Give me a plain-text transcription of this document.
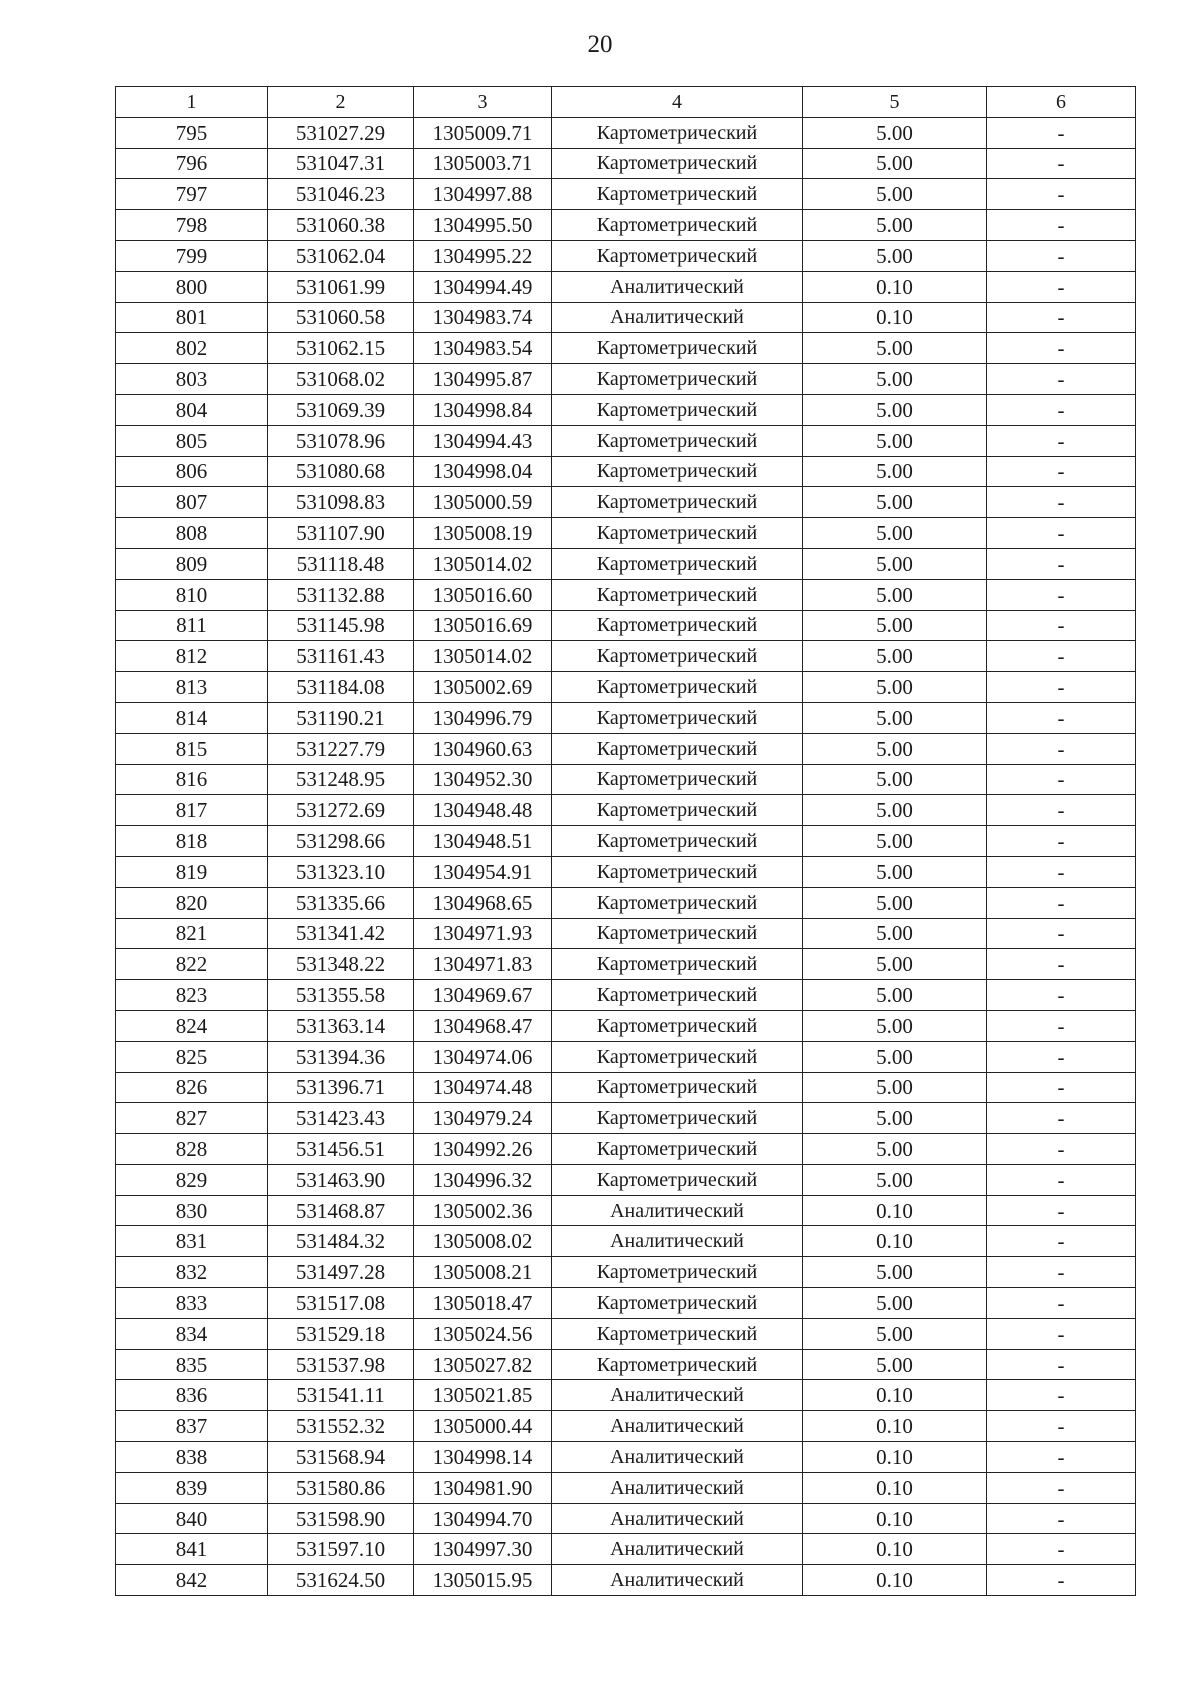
20
1	2	3	4	5	6
795	531027.29	1305009.71	Картометрический	5.00	-
796	531047.31	1305003.71	Картометрический	5.00	-
797	531046.23	1304997.88	Картометрический	5.00	-
798	531060.38	1304995.50	Картометрический	5.00	-
799	531062.04	1304995.22	Картометрический	5.00	-
800	531061.99	1304994.49	Аналитический	0.10	-
801	531060.58	1304983.74	Аналитический	0.10	-
802	531062.15	1304983.54	Картометрический	5.00	-
803	531068.02	1304995.87	Картометрический	5.00	-
804	531069.39	1304998.84	Картометрический	5.00	-
805	531078.96	1304994.43	Картометрический	5.00	-
806	531080.68	1304998.04	Картометрический	5.00	-
807	531098.83	1305000.59	Картометрический	5.00	-
808	531107.90	1305008.19	Картометрический	5.00	-
809	531118.48	1305014.02	Картометрический	5.00	-
810	531132.88	1305016.60	Картометрический	5.00	-
811	531145.98	1305016.69	Картометрический	5.00	-
812	531161.43	1305014.02	Картометрический	5.00	-
813	531184.08	1305002.69	Картометрический	5.00	-
814	531190.21	1304996.79	Картометрический	5.00	-
815	531227.79	1304960.63	Картометрический	5.00	-
816	531248.95	1304952.30	Картометрический	5.00	-
817	531272.69	1304948.48	Картометрический	5.00	-
818	531298.66	1304948.51	Картометрический	5.00	-
819	531323.10	1304954.91	Картометрический	5.00	-
820	531335.66	1304968.65	Картометрический	5.00	-
821	531341.42	1304971.93	Картометрический	5.00	-
822	531348.22	1304971.83	Картометрический	5.00	-
823	531355.58	1304969.67	Картометрический	5.00	-
824	531363.14	1304968.47	Картометрический	5.00	-
825	531394.36	1304974.06	Картометрический	5.00	-
826	531396.71	1304974.48	Картометрический	5.00	-
827	531423.43	1304979.24	Картометрический	5.00	-
828	531456.51	1304992.26	Картометрический	5.00	-
829	531463.90	1304996.32	Картометрический	5.00	-
830	531468.87	1305002.36	Аналитический	0.10	-
831	531484.32	1305008.02	Аналитический	0.10	-
832	531497.28	1305008.21	Картометрический	5.00	-
833	531517.08	1305018.47	Картометрический	5.00	-
834	531529.18	1305024.56	Картометрический	5.00	-
835	531537.98	1305027.82	Картометрический	5.00	-
836	531541.11	1305021.85	Аналитический	0.10	-
837	531552.32	1305000.44	Аналитический	0.10	-
838	531568.94	1304998.14	Аналитический	0.10	-
839	531580.86	1304981.90	Аналитический	0.10	-
840	531598.90	1304994.70	Аналитический	0.10	-
841	531597.10	1304997.30	Аналитический	0.10	-
842	531624.50	1305015.95	Аналитический	0.10	-
